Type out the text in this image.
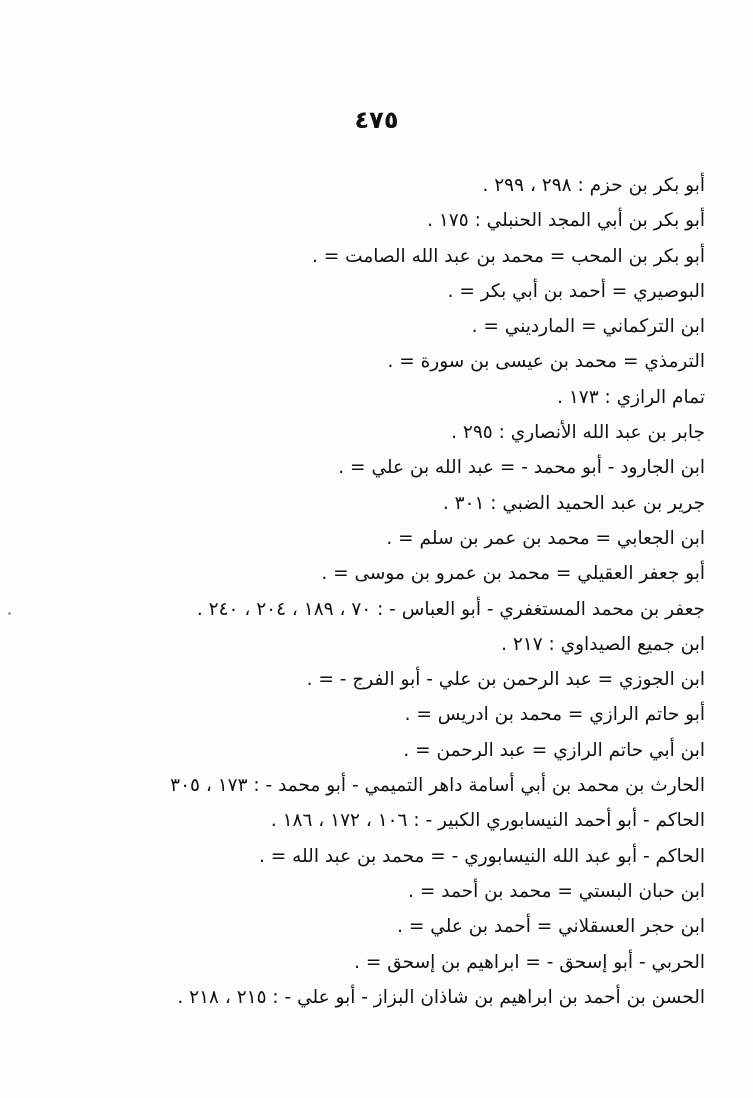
٤٧٥
أبو بكر بن حزم : ٢٩٨ ، ٢٩٩ .
أبو بكر بن أبي المجد الحنبلي : ١٧٥ .
أبو بكر بن المحب = محمد بن عبد الله الصامت = .
البوصيري = أحمد بن أبي بكر = .
ابن التركماني = المارديني = .
الترمذي = محمد بن عيسى بن سورة = .
تمام الرازي : ١٧٣ .
جابر بن عبد الله الأنصاري : ٢٩٥ .
ابن الجارود - أبو محمد - = عبد الله بن علي = .
جرير بن عبد الحميد الضبي : ٣٠١ .
ابن الجعابي = محمد بن عمر بن سلم = .
أبو جعفر العقيلي = محمد بن عمرو بن موسى = .
جعفر بن محمد المستغفري - أبو العباس - : ٧٠ ، ١٨٩ ، ٢٠٤ ، ٢٤٠ .
ابن جميع الصيداوي : ٢١٧ .
ابن الجوزي = عبد الرحمن بن علي - أبو الفرج - = .
أبو حاتم الرازي = محمد بن ادريس = .
ابن أبي حاتم الرازي = عبد الرحمن = .
الحارث بن محمد بن أبي أسامة داهر التميمي - أبو محمد - : ١٧٣ ، ٣٠٥
الحاكم - أبو أحمد النيسابوري الكبير - : ١٠٦ ، ١٧٢ ، ١٨٦ .
الحاكم - أبو عبد الله النيسابوري - = محمد بن عبد الله = .
ابن حبان البستي = محمد بن أحمد = .
ابن حجر العسقلاني = أحمد بن علي = .
الحربي - أبو إسحق - = ابراهيم بن إسحق = .
الحسن بن أحمد بن ابراهيم بن شاذان البزاز - أبو علي - : ٢١٥ ، ٢١٨ .
